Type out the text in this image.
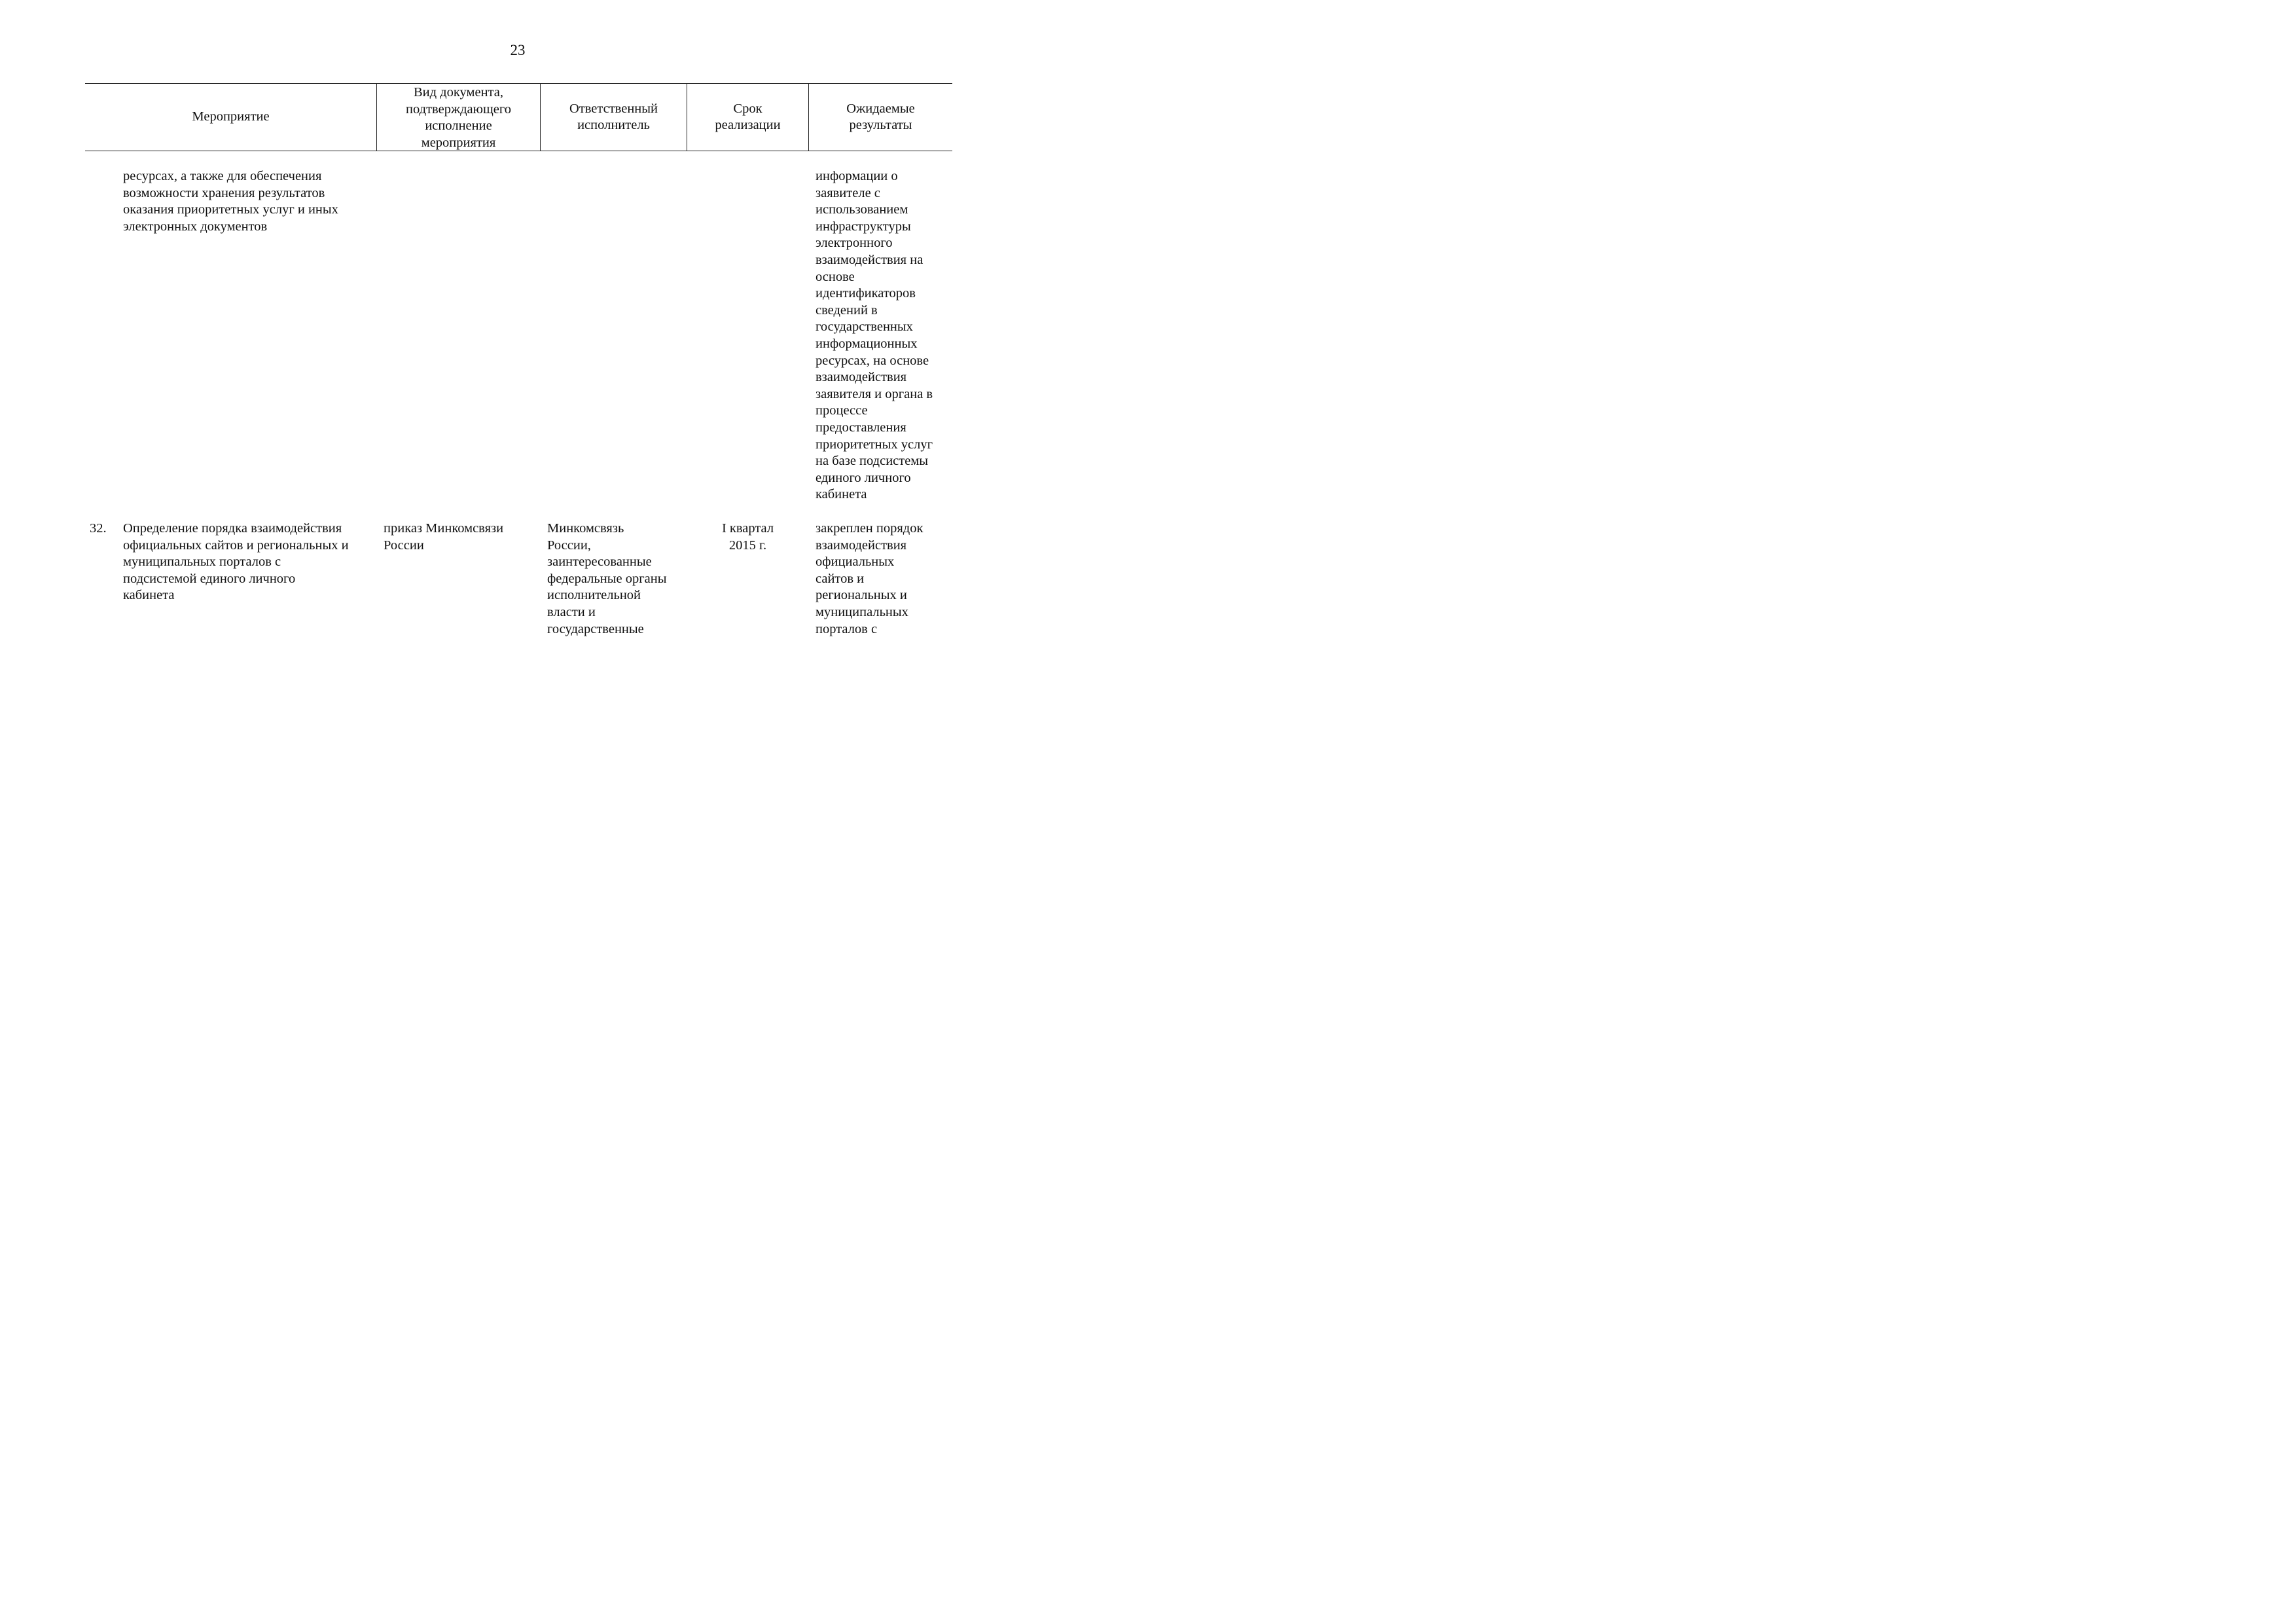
23
Мероприятие
Вид документа,
подтверждающего
исполнение
мероприятия
Ответственный
исполнитель
Срок
реализации
Ожидаемые
результаты
ресурсах, а также для обеспечения
возможности хранения результатов
оказания приоритетных услуг и иных
электронных документов
информации о
заявителе с
использованием
инфраструктуры
электронного
взаимодействия на
основе
идентификаторов
сведений в
государственных
информационных
ресурсах, на основе
взаимодействия
заявителя и органа в
процессе
предоставления
приоритетных услуг
на базе подсистемы
единого личного
кабинета
32.	Определение порядка взаимодействия
официальных сайтов и региональных и
муниципальных порталов с
подсистемой единого личного
кабинета
приказ Минкомсвязи
России
Минкомсвязь
России,
заинтересованные
федеральные органы
исполнительной
власти и
государственные
I квартал
2015 г.
закреплен порядок
взаимодействия
официальных
сайтов и
региональных и
муниципальных
порталов с
